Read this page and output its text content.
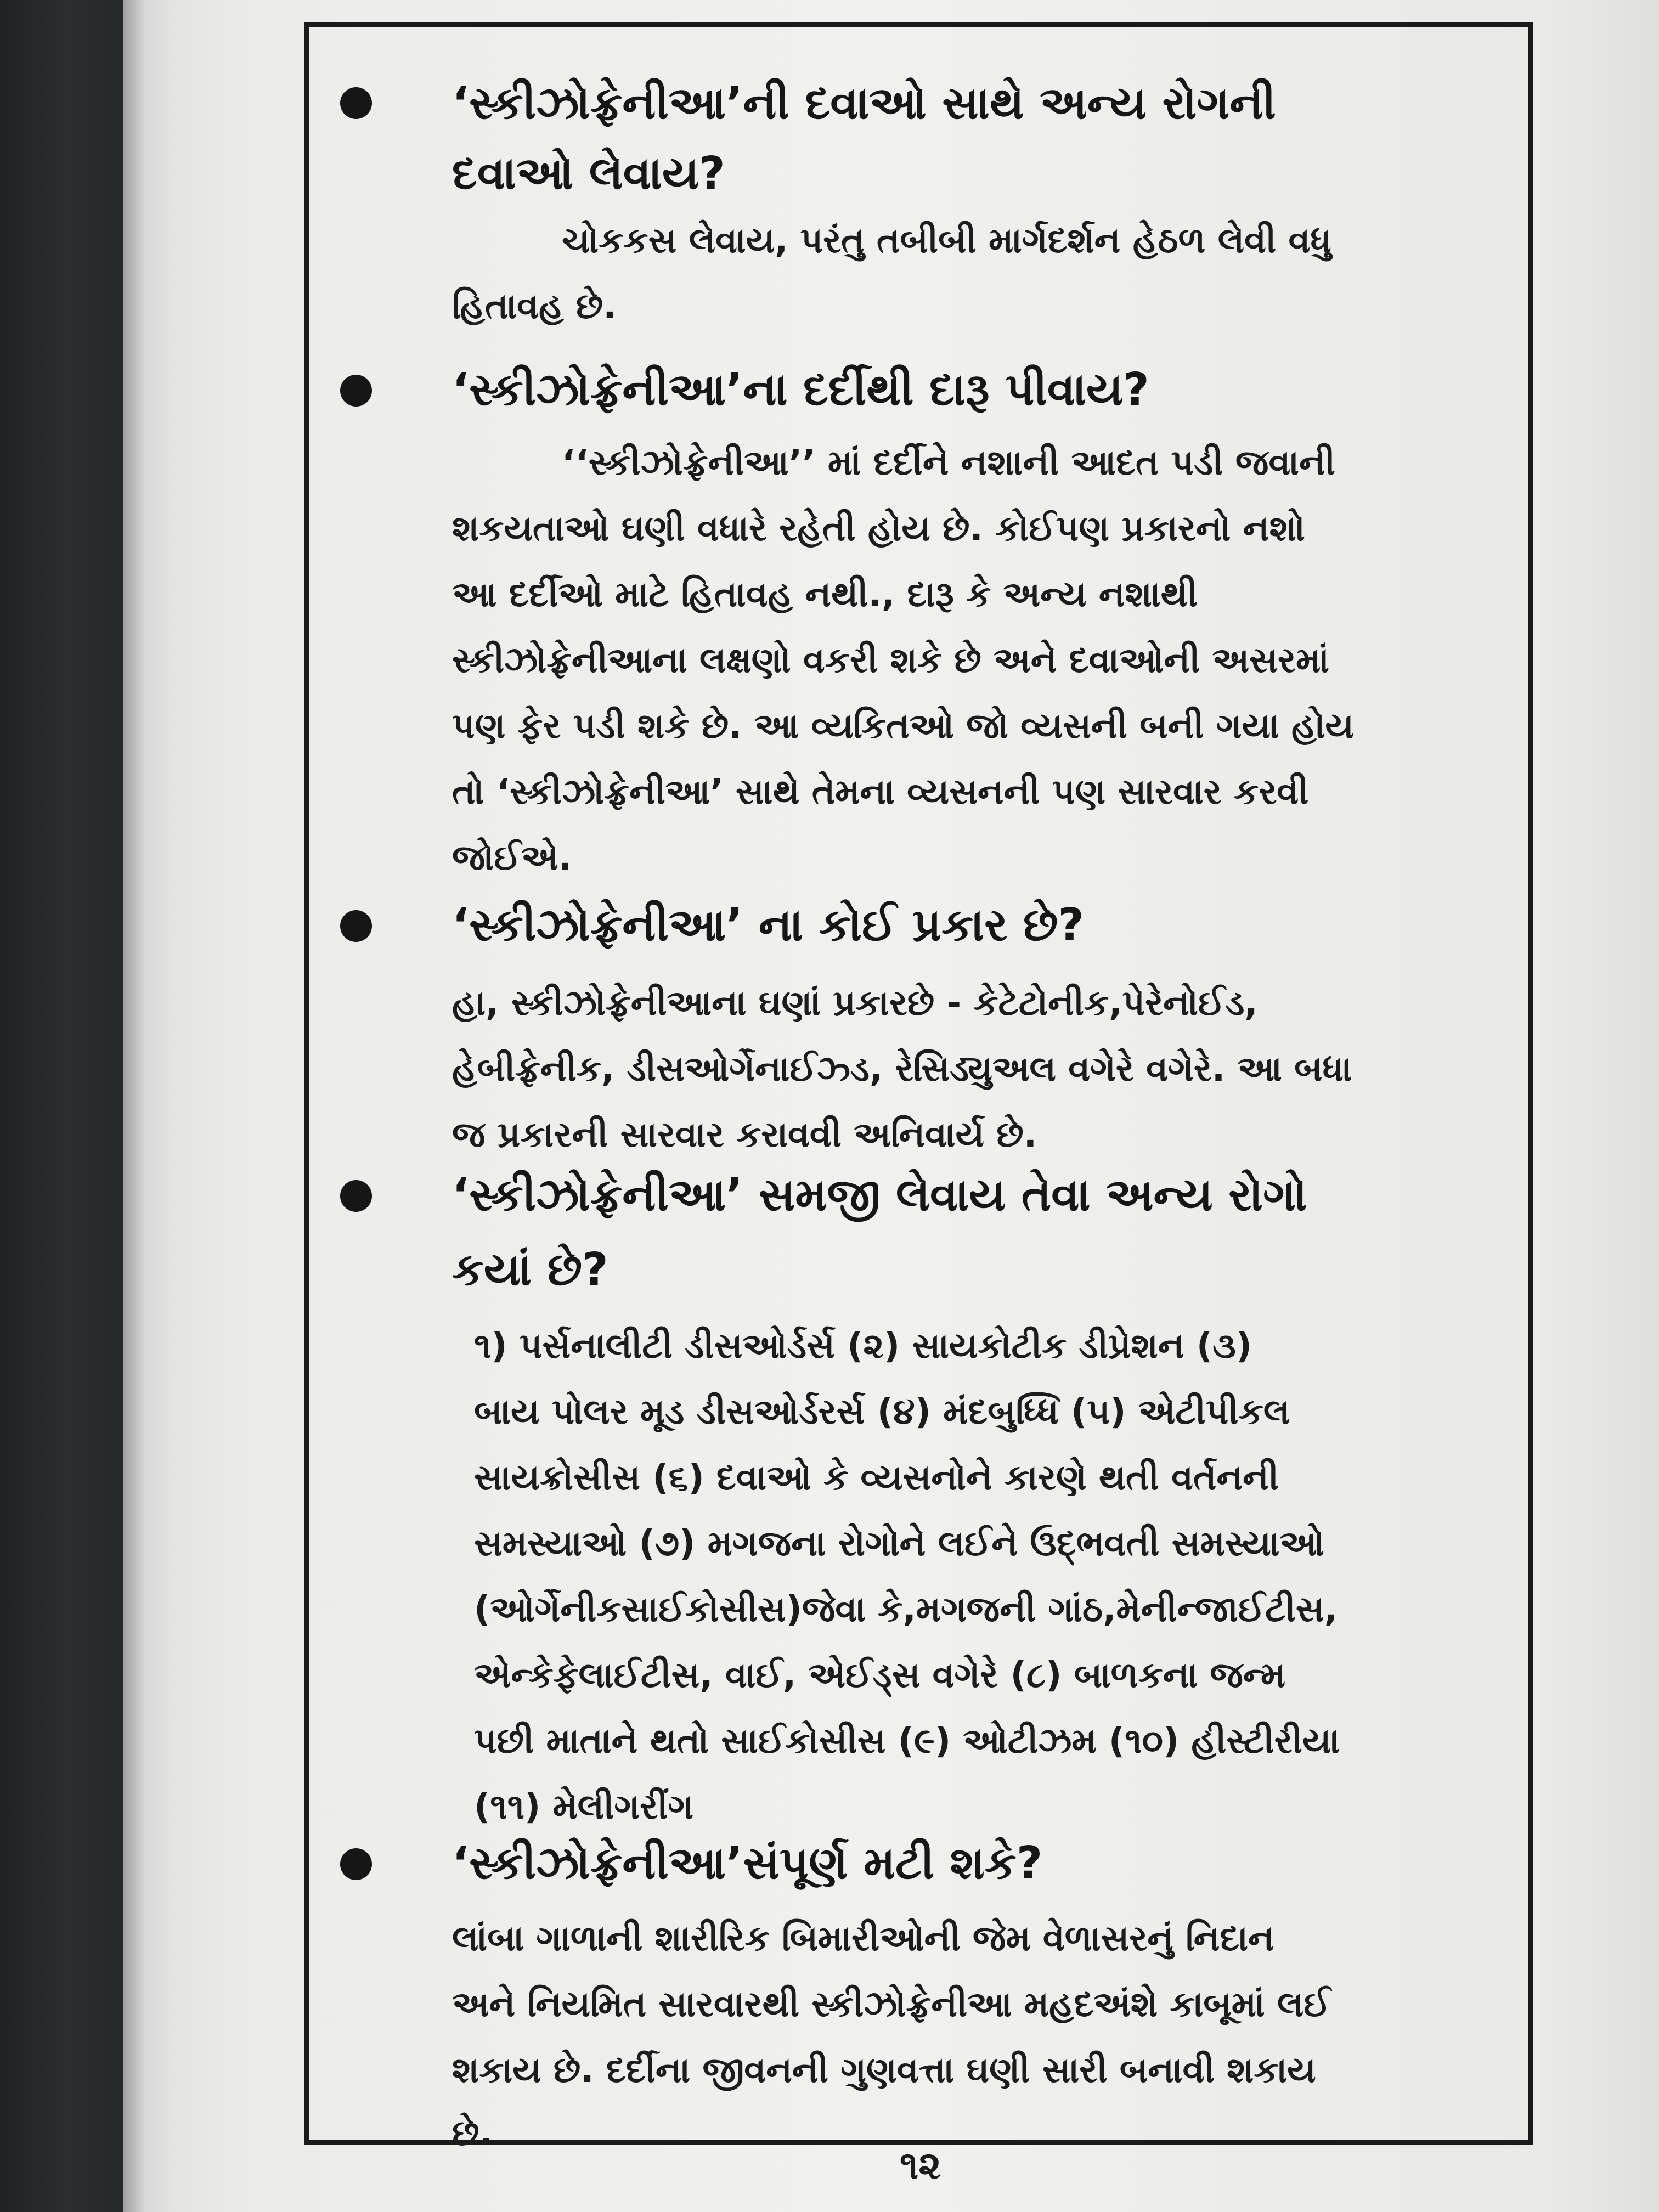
‘સ્કીઝોફ્રેનીઆ’ની દવાઓ સાથે અન્ય રોગની
દવાઓ લેવાય?
ચોકકસ લેવાય, પરંતુ તબીબી માર્ગદર્શન હેઠળ લેવી વધુ
હિતાવહ છે.
‘સ્કીઝોફ્રેનીઆ’ના દર્દીથી દારૂ પીવાય?
‘‘સ્કીઝોફ્રેનીઆ’’ માં દર્દીને નશાની આદત પડી જવાની
શકયતાઓ ઘણી વધારે રહેતી હોય છે. કોઈપણ પ્રકારનો નશો
આ દર્દીઓ માટે હિતાવહ નથી., દારૂ કે અન્ય નશાથી
સ્કીઝોફ્રેનીઆના લક્ષણો વકરી શકે છે અને દવાઓની અસરમાં
પણ ફેર પડી શકે છે. આ વ્યકિતઓ જો વ્યસની બની ગયા હોય
તો ‘સ્કીઝોફ્રેનીઆ’ સાથે તેમના વ્યસનની પણ સારવાર કરવી
જોઈએ.
‘સ્કીઝોફ્રેનીઆ’ ના કોઈ પ્રકાર છે?
હા, સ્કીઝોફ્રેનીઆના ઘણાં પ્રકારછે - કેટેટોનીક,પેરેનોઈડ,
હેબીફ્રેનીક, ડીસઓર્ગેનાઈઝ્ડ, રેસિડ્યુઅલ વગેરે વગેરે. આ બધા
જ પ્રકારની સારવાર કરાવવી અનિવાર્ય છે.
‘સ્કીઝોફ્રેનીઆ’ સમજી લેવાય તેવા અન્ય રોગો
કયાં છે?
૧) પર્સનાલીટી ડીસઓર્ડર્સ (૨) સાયકોટીક ડીપ્રેશન (૩)
બાય પોલર મૂડ ડીસઓર્ડરર્સ (૪) મંદબુધ્ધિ (૫) એટીપીકલ
સાયક્રોસીસ (૬) દવાઓ કે વ્યસનોને કારણે થતી વર્તનની
સમસ્યાઓ (૭) મગજના રોગોને લઈને ઉદ્ભવતી સમસ્યાઓ
(ઓર્ગેનીકસાઈકોસીસ)જેવા કે,મગજની ગાંઠ,મેનીન્જાઈટીસ,
એન્કેફેલાઈટીસ, વાઈ, એઈડ્સ વગેરે (૮) બાળકના જન્મ
પછી માતાને થતો સાઈકોસીસ (૯) ઓટીઝમ (૧૦) હીસ્ટીરીયા
(૧૧) મેલીગરીંગ
‘સ્કીઝોફ્રેનીઆ’સંપૂર્ણ મટી શકે?
લાંબા ગાળાની શારીરિક બિમારીઓની જેમ વેળાસરનું નિદાન
અને નિયમિત સારવારથી સ્કીઝોફ્રેનીઆ મહદઅંશે કાબૂમાં લઈ
શકાય છે. દર્દીના જીવનની ગુણવત્તા ઘણી સારી બનાવી શકાય
છે.
૧૨
